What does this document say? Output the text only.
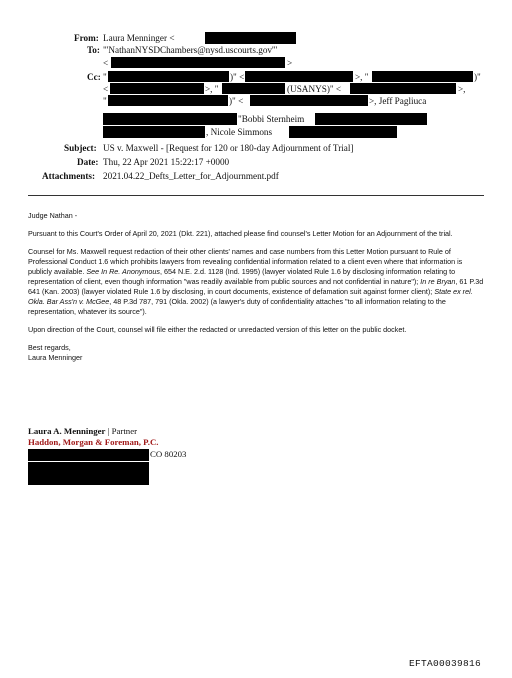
From: Laura Menninger <
To: "'NathanNYSDChambers@nysd.uscourts.gov'"
<	>
Cc: "	)" <	>, "	)"
<	>, "	(USANYS)" <	>,
"	)" <	>, Jeff Pagliuca
"Bobbi Sternheim
, Nicole Simmons
Subject: US v. Maxwell - [Request for 120 or 180-day Adjournment of Trial]
Date: Thu, 22 Apr 2021 15:22:17 +0000
Attachments: 2021.04.22_Defts_Letter_for_Adjournment.pdf

Judge Nathan -

Pursuant to this Court's Order of April 20, 2021 (Dkt. 221), attached please find counsel's Letter Motion for an Adjournment of the trial.

Counsel for Ms. Maxwell request redaction of their other clients' names and case numbers from this Letter Motion pursuant to Rule of Professional Conduct 1.6 which prohibits lawyers from revealing confidential information related to a client even where that information is publicly available. See In Re. Anonymous, 654 N.E. 2.d. 1128 (Ind. 1995) (lawyer violated Rule 1.6 by disclosing information relating to representation of client, even though information "was readily available from public sources and not confidential in nature"); In re Bryan, 61 P.3d 641 (Kan. 2003) (lawyer violated Rule 1.6 by disclosing, in court documents, existence of defamation suit against former client); State ex rel. Okla. Bar Ass'n v. McGee, 48 P.3d 787, 791 (Okla. 2002) (a lawyer's duty of confidentiality attaches "to all information relating to the representation, whatever its source").

Upon direction of the Court, counsel will file either the redacted or unredacted version of this letter on the public docket.

Best regards,
Laura Menninger

Laura A. Menninger | Partner
Haddon, Morgan & Foreman, P.C.
CO 80203
EFTA00039816
